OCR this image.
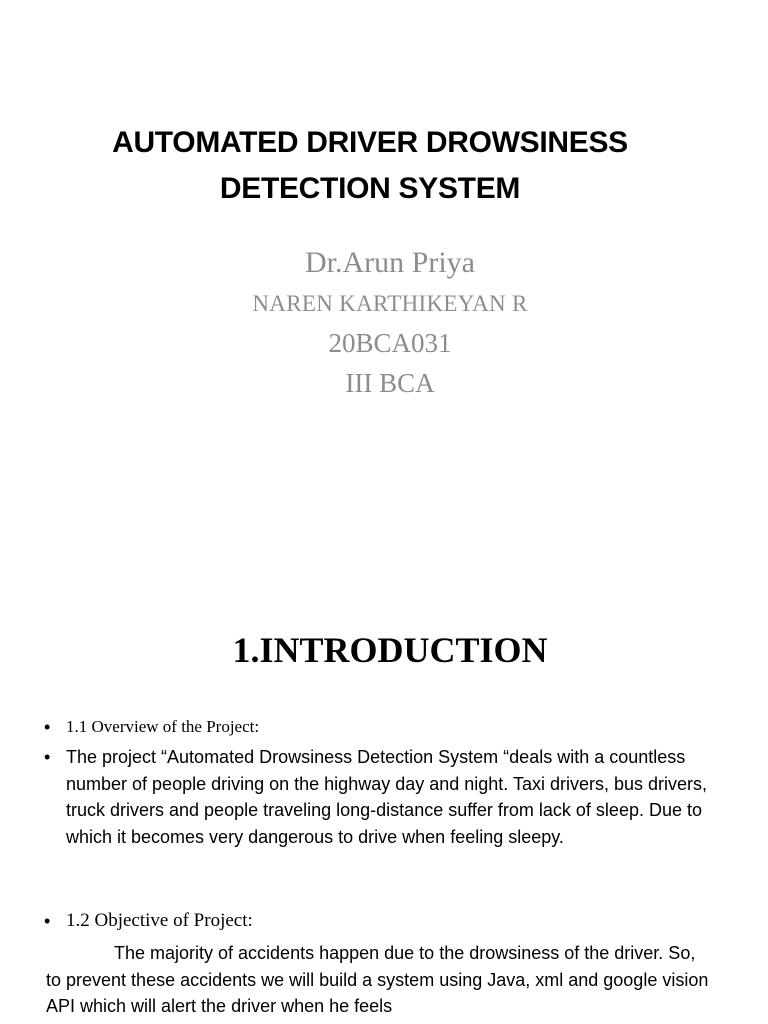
AUTOMATED DRIVER DROWSINESS
DETECTION SYSTEM

Dr.Arun Priya

NAREN KARTHIKEYAN R

20BCA031

III BCA

1.INTRODUCTION
• 1.1 Overview of the Project:
• The project “Automated Drowsiness Detection System “deals with a countless number of people driving on the highway day and night. Taxi drivers, bus drivers, truck drivers and people traveling long-distance suffer from lack of sleep. Due to which it becomes very dangerous to drive when feeling sleepy.
• 1.2 Objective of Project:

The majority of accidents happen due to the drowsiness of the driver. So, to prevent these accidents we will build a system using Java, xml and google vision API which will alert the driver when he feels
